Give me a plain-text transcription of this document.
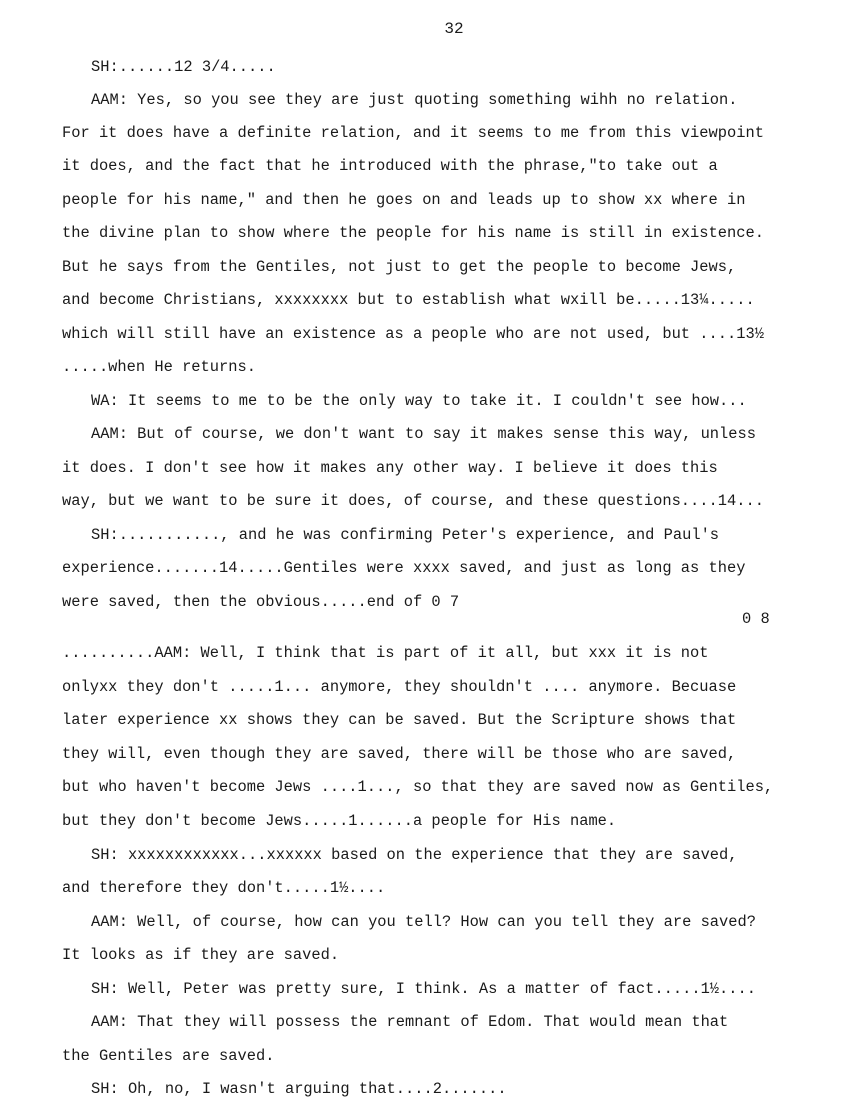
32
SH:......12 3/4.....
AAM: Yes, so you see they are just quoting something wihh no relation.
For it does have a definite relation, and it seems to me from this viewpoint
it does, and the fact that he introduced with the phrase,"to take out a
people for his name," and then he goes on and leads up to show xx where in
the divine plan to show where the people for his name is still in existence.
But he says from the Gentiles, not just to get the people to become Jews,
and become Christians, xxxxxxxx but to establish what wxill be.....13¼.....
which will still have an existence as a people who are not used, but ....13½
.....when He returns.
WA: It seems to me to be the only way to take it. I couldn't see how...
AAM: But of course, we don't want to say it makes sense this way, unless
it does. I don't see how it makes any other way. I believe it does this
way, but we want to be sure it does, of course, and these questions....14...
SH:..........., and he was confirming Peter's experience, and Paul's
experience.......14.....Gentiles were xxxx saved, and just as long as they
were saved, then the obvious.....end of 0 7
..........AAM: Well, I think that is part of it all, but xxx it is not
onlyxx they don't .....1... anymore, they shouldn't .... anymore. Becuase
later experience xx shows they can be saved. But the Scripture shows that
they will, even though they are saved, there will be those who are saved,
but who haven't become Jews ....1..., so that they are saved now as Gentiles,
but they don't become Jews.....1......a people for His name.
SH: xxxxxxxxxxxx...xxxxxx based on the experience that they are saved,
and therefore they don't.....1½....
AAM: Well, of course, how can you tell? How can you tell they are saved?
It looks as if they are saved.
SH: Well, Peter was pretty sure, I think. As a matter of fact.....1½....
AAM: That they will possess the remnant of Edom. That would mean that
the Gentiles are saved.
SH: Oh, no, I wasn't arguing that....2.......
0 8
